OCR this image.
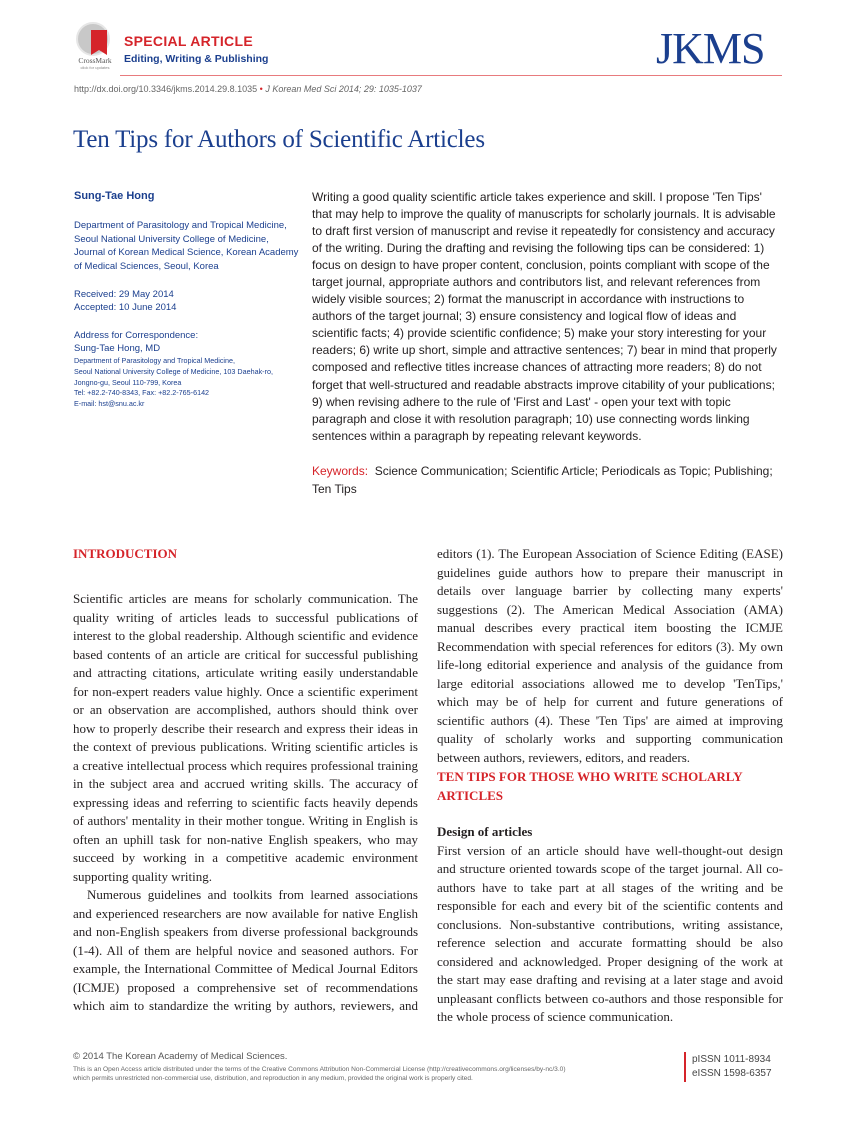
CrossMark
click for updates
SPECIAL ARTICLE
Editing, Writing & Publishing	JKMS
http://dx.doi.org/10.3346/jkms.2014.29.8.1035 • J Korean Med Sci 2014; 29: 1035-1037
Ten Tips for Authors of Scientific Articles
Sung-Tae Hong
Department of Parasitology and Tropical Medicine,
Seoul National University College of Medicine,
Journal of Korean Medical Science, Korean Academy
of Medical Sciences, Seoul, Korea
Received: 29 May 2014
Accepted: 10 June 2014
Address for Correspondence:
Sung-Tae Hong, MD
Department of Parasitology and Tropical Medicine,
Seoul National University College of Medicine, 103 Daehak-ro,
Jongno-gu, Seoul 110-799, Korea
Tel: +82.2-740-8343, Fax: +82.2-765-6142
E-mail: hst@snu.ac.kr
Writing a good quality scientific article takes experience and skill. I propose 'Ten Tips' that may help to improve the quality of manuscripts for scholarly journals. It is advisable to draft first version of manuscript and revise it repeatedly for consistency and accuracy of the writing. During the drafting and revising the following tips can be considered: 1) focus on design to have proper content, conclusion, points compliant with scope of the target journal, appropriate authors and contributors list, and relevant references from widely visible sources; 2) format the manuscript in accordance with instructions to authors of the target journal; 3) ensure consistency and logical flow of ideas and scientific facts; 4) provide scientific confidence; 5) make your story interesting for your readers; 6) write up short, simple and attractive sentences; 7) bear in mind that properly composed and reflective titles increase chances of attracting more readers; 8) do not forget that well-structured and readable abstracts improve citability of your publications; 9) when revising adhere to the rule of 'First and Last' - open your text with topic paragraph and close it with resolution paragraph; 10) use connecting words linking sentences within a paragraph by repeating relevant keywords.
Keywords: Science Communication; Scientific Article; Periodicals as Topic; Publishing; Ten Tips
INTRODUCTION

Scientific articles are means for scholarly communication. The quality writing of articles leads to successful publications of interest to the global readership. Although scientific and evidence based contents of an article are critical for successful publishing and attracting citations, articulate writing easily understandable for non-expert readers value highly. Once a scientific experiment or an observation are accomplished, authors should think over how to properly describe their research and express their ideas in the context of previous publications. Writing scientific articles is a creative intellectual process which requires professional training in the subject area and accrued writing skills. The accuracy of expressing ideas and referring to scientific facts heavily depends of authors' mentality in their mother tongue. Writing in English is often an uphill task for non-native English speakers, who may succeed by working in a competitive academic environment supporting quality writing.

Numerous guidelines and toolkits from learned associations and experienced researchers are now available for native English and non-English speakers from diverse professional backgrounds (1-4). All of them are helpful novice and seasoned authors. For example, the International Committee of Medical Journal Editors (ICMJE) proposed a comprehensive set of recommendations which aim to standardize the writing by authors, reviewers, and

editors (1). The European Association of Science Editing (EASE) guidelines guide authors how to prepare their manuscript in details over language barrier by collecting many experts' suggestions (2). The American Medical Association (AMA) manual describes every practical item boosting the ICMJE Recommendation with special references for editors (3). My own life-long editorial experience and analysis of the guidance from large editorial associations allowed me to develop 'TenTips,' which may be of help for current and future generations of scientific authors (4). These 'Ten Tips' are aimed at improving quality of scholarly works and supporting communication between authors, reviewers, editors, and readers.

TEN TIPS FOR THOSE WHO WRITE SCHOLARLY
ARTICLES

Design of articles

First version of an article should have well-thought-out design and structure oriented towards scope of the target journal. All co-authors have to take part at all stages of the writing and be responsible for each and every bit of the scientific contents and conclusions. Non-substantive contributions, writing assistance, reference selection and accurate formatting should be also considered and acknowledged. Proper designing of the work at the start may ease drafting and revising at a later stage and avoid unpleasant conflicts between co-authors and those responsible for the whole process of science communication.

© 2014 The Korean Academy of Medical Sciences.
This is an Open Access article distributed under the terms of the Creative Commons Attribution Non-Commercial License (http://creativecommons.org/licenses/by-nc/3.0)
which permits unrestricted non-commercial use, distribution, and reproduction in any medium, provided the original work is properly cited.
pISSN 1011-8934
eISSN 1598-6357
